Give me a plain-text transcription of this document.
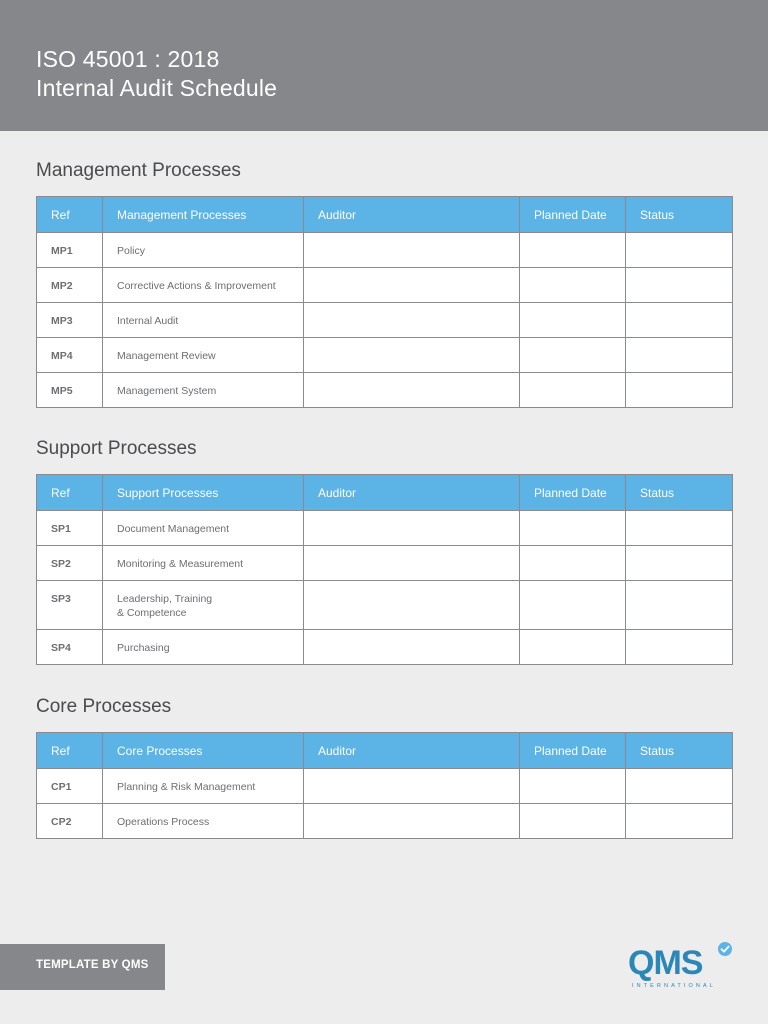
ISO 45001 : 2018
Internal Audit Schedule
Management Processes
Ref	Management Processes	Auditor	Planned Date	Status
MP1	Policy			
MP2	Corrective Actions & Improvement			
MP3	Internal Audit			
MP4	Management Review			
MP5	Management System			
Support Processes
Ref	Support Processes	Auditor	Planned Date	Status
SP1	Document Management			
SP2	Monitoring & Measurement			
SP3	Leadership, Training
& Competence			

SP4	Purchasing			
Core Processes
Ref	Core Processes	Auditor	Planned Date	Status
CP1	Planning & Risk Management			
CP2	Operations Process			
TEMPLATE BY QMS	QMS
INTERNATIONAL
